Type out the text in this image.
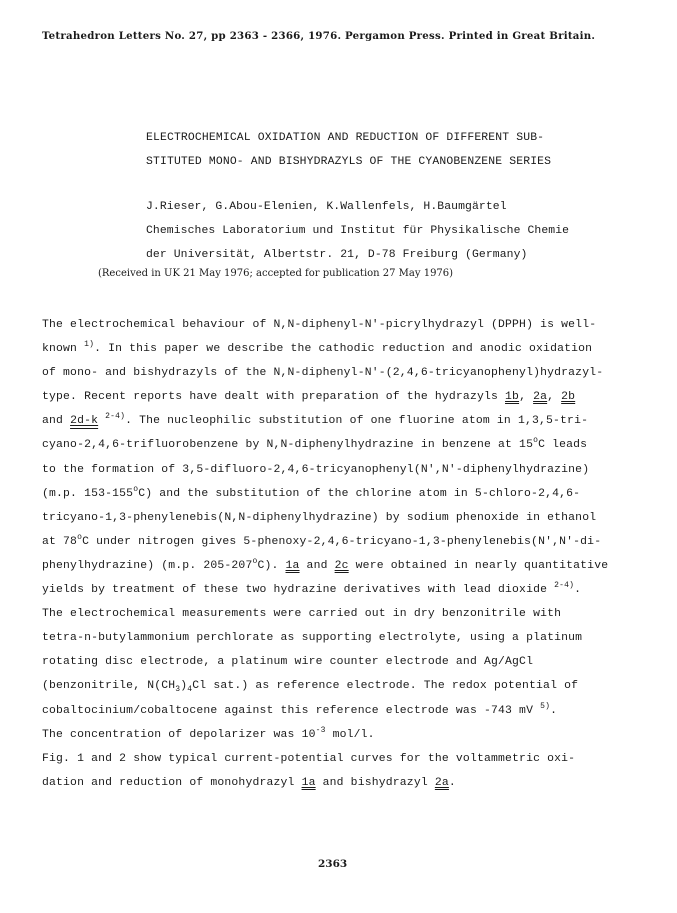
Tetrahedron Letters No. 27, pp 2363 - 2366, 1976. Pergamon Press. Printed in Great Britain.
ELECTROCHEMICAL OXIDATION AND REDUCTION OF DIFFERENT SUB-
STITUTED MONO- AND BISHYDRAZYLS OF THE CYANOBENZENE SERIES
J.Rieser, G.Abou-Elenien, K.Wallenfels, H.Baumgärtel
Chemisches Laboratorium und Institut für Physikalische Chemie
der Universität, Albertstr. 21, D-78 Freiburg (Germany)
(Received in UK 21 May 1976; accepted for publication 27 May 1976)
The electrochemical behaviour of N,N-diphenyl-N'-picrylhydrazyl (DPPH) is well-
known $^{1)}$. In this paper we describe the cathodic reduction and anodic oxidation
of mono- and bishydrazyls of the N,N-diphenyl-N'-(2,4,6-tricyanophenyl)hydrazyl-
type. Recent reports have dealt with preparation of the hydrazyls 1b, 2a, 2b
and 2d-k $^{2-4)}$. The nucleophilic substitution of one fluorine atom in 1,3,5-tri-
cyano-2,4,6-trifluorobenzene by N,N-diphenylhydrazine in benzene at 15$^o$C leads
to the formation of 3,5-difluoro-2,4,6-tricyanophenyl(N',N'-diphenylhydrazine)
(m.p. 153-155$^o$C) and the substitution of the chlorine atom in 5-chloro-2,4,6-
tricyano-1,3-phenylenebis(N,N-diphenylhydrazine) by sodium phenoxide in ethanol
at 78$^o$C under nitrogen gives 5-phenoxy-2,4,6-tricyano-1,3-phenylenebis(N',N'-di-
phenylhydrazine) (m.p. 205-207$^o$C). 1a and 2c were obtained in nearly quantitative
yields by treatment of these two hydrazine derivatives with lead dioxide $^{2-4)}$.
The electrochemical measurements were carried out in dry benzonitrile with
tetra-n-butylammonium perchlorate as supporting electrolyte, using a platinum
rotating disc electrode, a platinum wire counter electrode and Ag/AgCl
(benzonitrile, $N(CH_3)_4Cl$ sat.) as reference electrode. The redox potential of
cobaltocinium/cobaltocene against this reference electrode was -743 mV $^{5)}$.
The concentration of depolarizer was $10^{-3}$ mol/l.
Fig. 1 and 2 show typical current-potential curves for the voltammetric oxi-
dation and reduction of monohydrazyl 1a and bishydrazyl 2a.
2363
